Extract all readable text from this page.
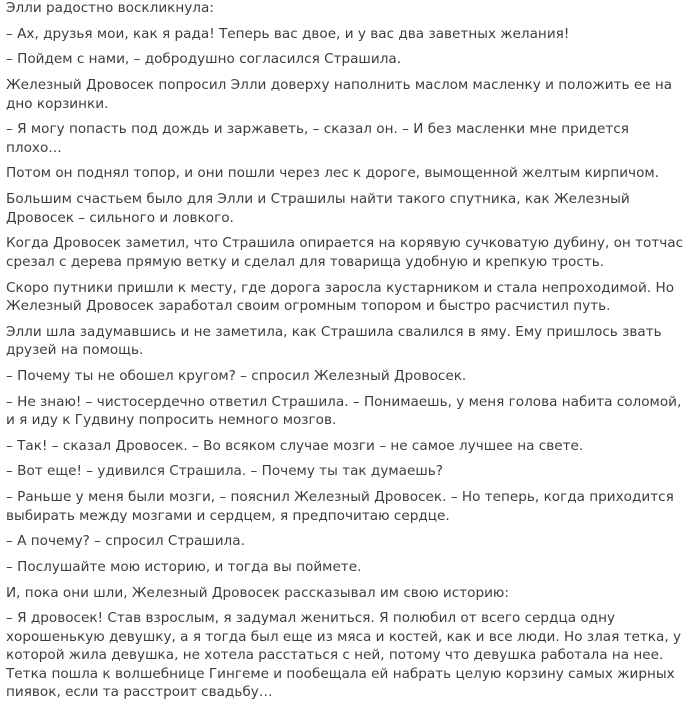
Элли радостно воскликнула:

– Ах, друзья мои, как я рада! Теперь вас двое, и у вас два заветных желания!

– Пойдем с нами, – добродушно согласился Страшила.

Железный Дровосек попросил Элли доверху наполнить маслом масленку и положить ее на дно корзинки.

– Я могу попасть под дождь и заржаветь, – сказал он. – И без масленки мне придется плохо…

Потом он поднял топор, и они пошли через лес к дороге, вымощенной желтым кирпичом.

Большим счастьем было для Элли и Страшилы найти такого спутника, как Железный Дровосек – сильного и ловкого.

Когда Дровосек заметил, что Страшила опирается на корявую сучковатую дубину, он тотчас срезал с дерева прямую ветку и сделал для товарища удобную и крепкую трость.

Скоро путники пришли к месту, где дорога заросла кустарником и стала непроходимой. Но Железный Дровосек заработал своим огромным топором и быстро расчистил путь.

Элли шла задумавшись и не заметила, как Страшила свалился в яму. Ему пришлось звать друзей на помощь.

– Почему ты не обошел кругом? – спросил Железный Дровосек.

– Не знаю! – чистосердечно ответил Страшила. – Понимаешь, у меня голова набита соломой, и я иду к Гудвину попросить немного мозгов.

– Так! – сказал Дровосек. – Во всяком случае мозги – не самое лучшее на свете.

– Вот еще! – удивился Страшила. – Почему ты так думаешь?

– Раньше у меня были мозги, – пояснил Железный Дровосек. – Но теперь, когда приходится выбирать между мозгами и сердцем, я предпочитаю сердце.

– А почему? – спросил Страшила.

– Послушайте мою историю, и тогда вы поймете.

И, пока они шли, Железный Дровосек рассказывал им свою историю:

– Я дровосек! Став взрослым, я задумал жениться. Я полюбил от всего сердца одну хорошенькую девушку, а я тогда был еще из мяса и костей, как и все люди. Но злая тетка, у которой жила девушка, не хотела расстаться с ней, потому что девушка работала на нее. Тетка пошла к волшебнице Гингеме и пообещала ей набрать целую корзину самых жирных пиявок, если та расстроит свадьбу…
